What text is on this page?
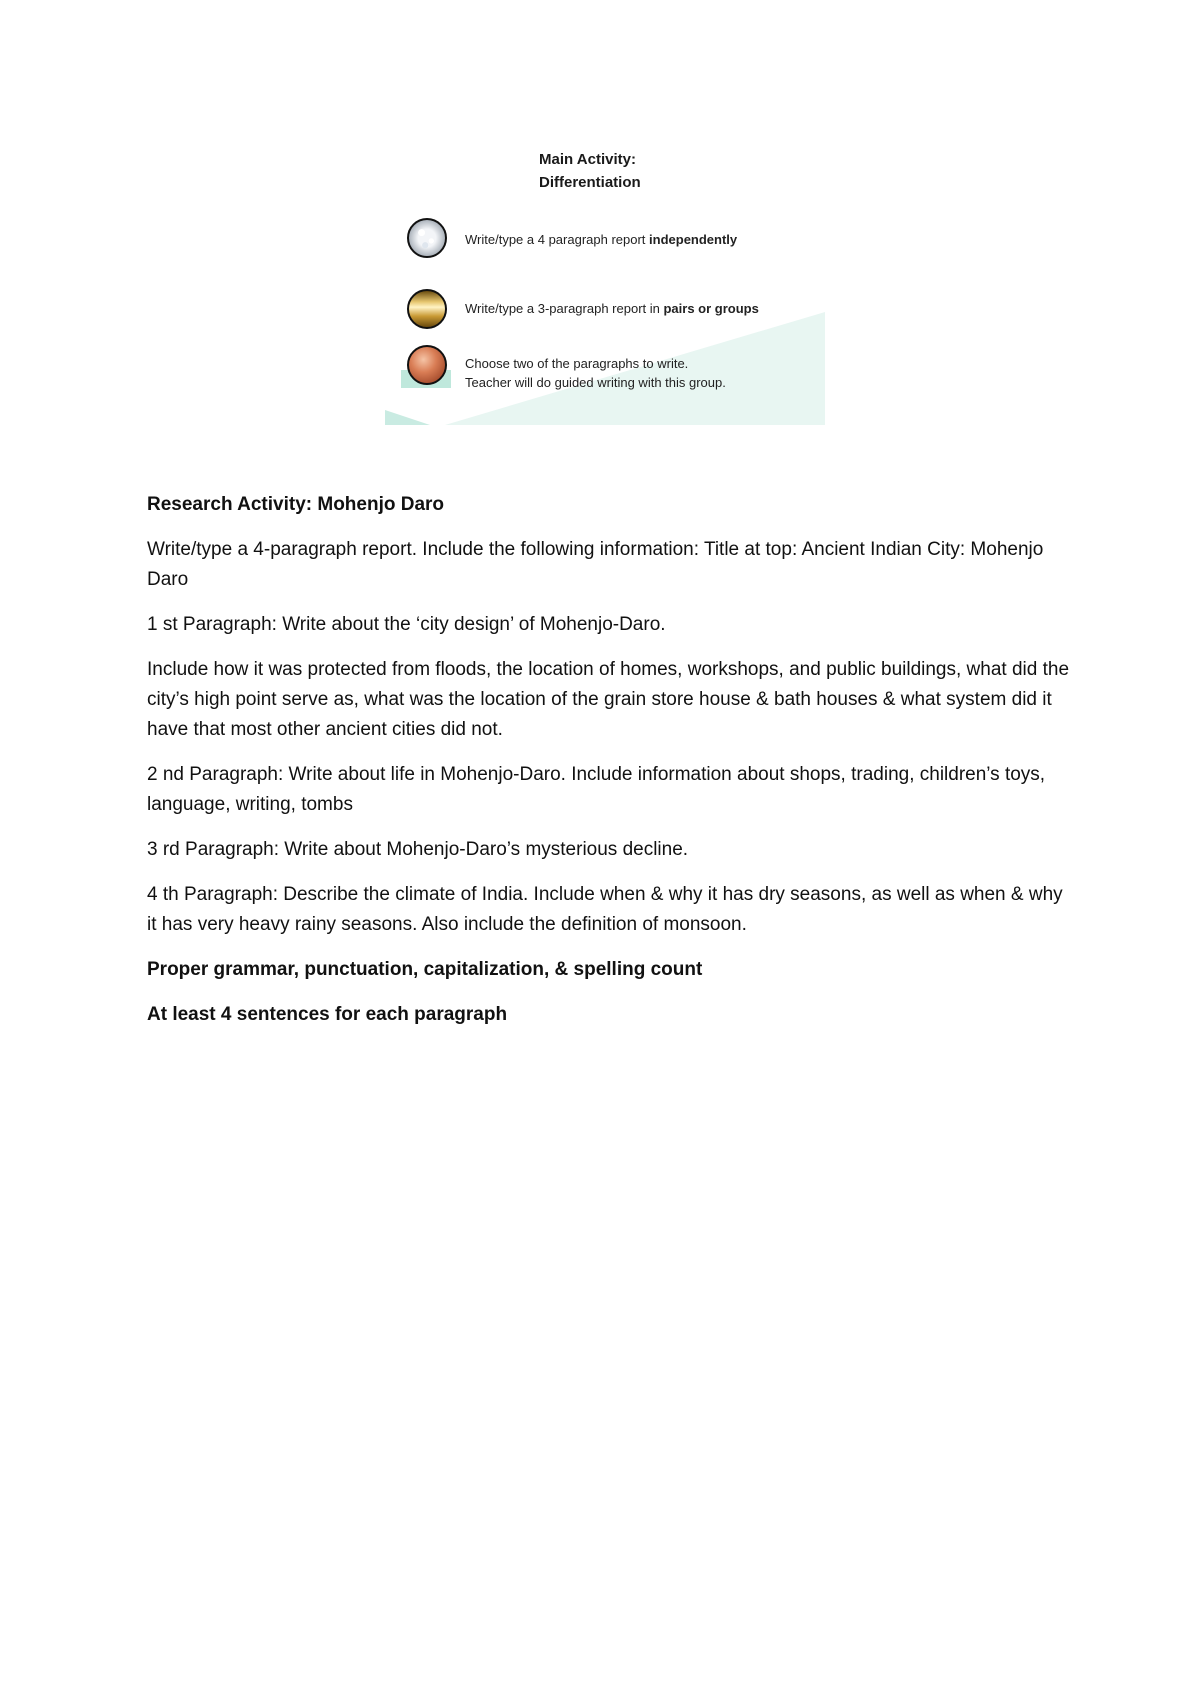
Main Activity:
Differentiation
Write/type a 4 paragraph report independently
Write/type a 3-paragraph report in pairs or groups
Choose two of the paragraphs to write.
Teacher will do guided writing with this group.

Research Activity: Mohenjo Daro

Write/type a 4-paragraph report. Include the following information: Title at top: Ancient Indian City: Mohenjo Daro

1 st Paragraph: Write about the ‘city design’ of Mohenjo-Daro.

Include how it was protected from floods, the location of homes, workshops, and public buildings, what did the city’s high point serve as, what was the location of the grain store house & bath houses & what system did it have that most other ancient cities did not.

2 nd Paragraph: Write about life in Mohenjo-Daro. Include information about shops, trading, children’s toys, language, writing, tombs

3 rd Paragraph: Write about Mohenjo-Daro’s mysterious decline.

4 th Paragraph: Describe the climate of India. Include when & why it has dry seasons, as well as when & why it has very heavy rainy seasons. Also include the definition of monsoon.

Proper grammar, punctuation, capitalization, & spelling count

At least 4 sentences for each paragraph
